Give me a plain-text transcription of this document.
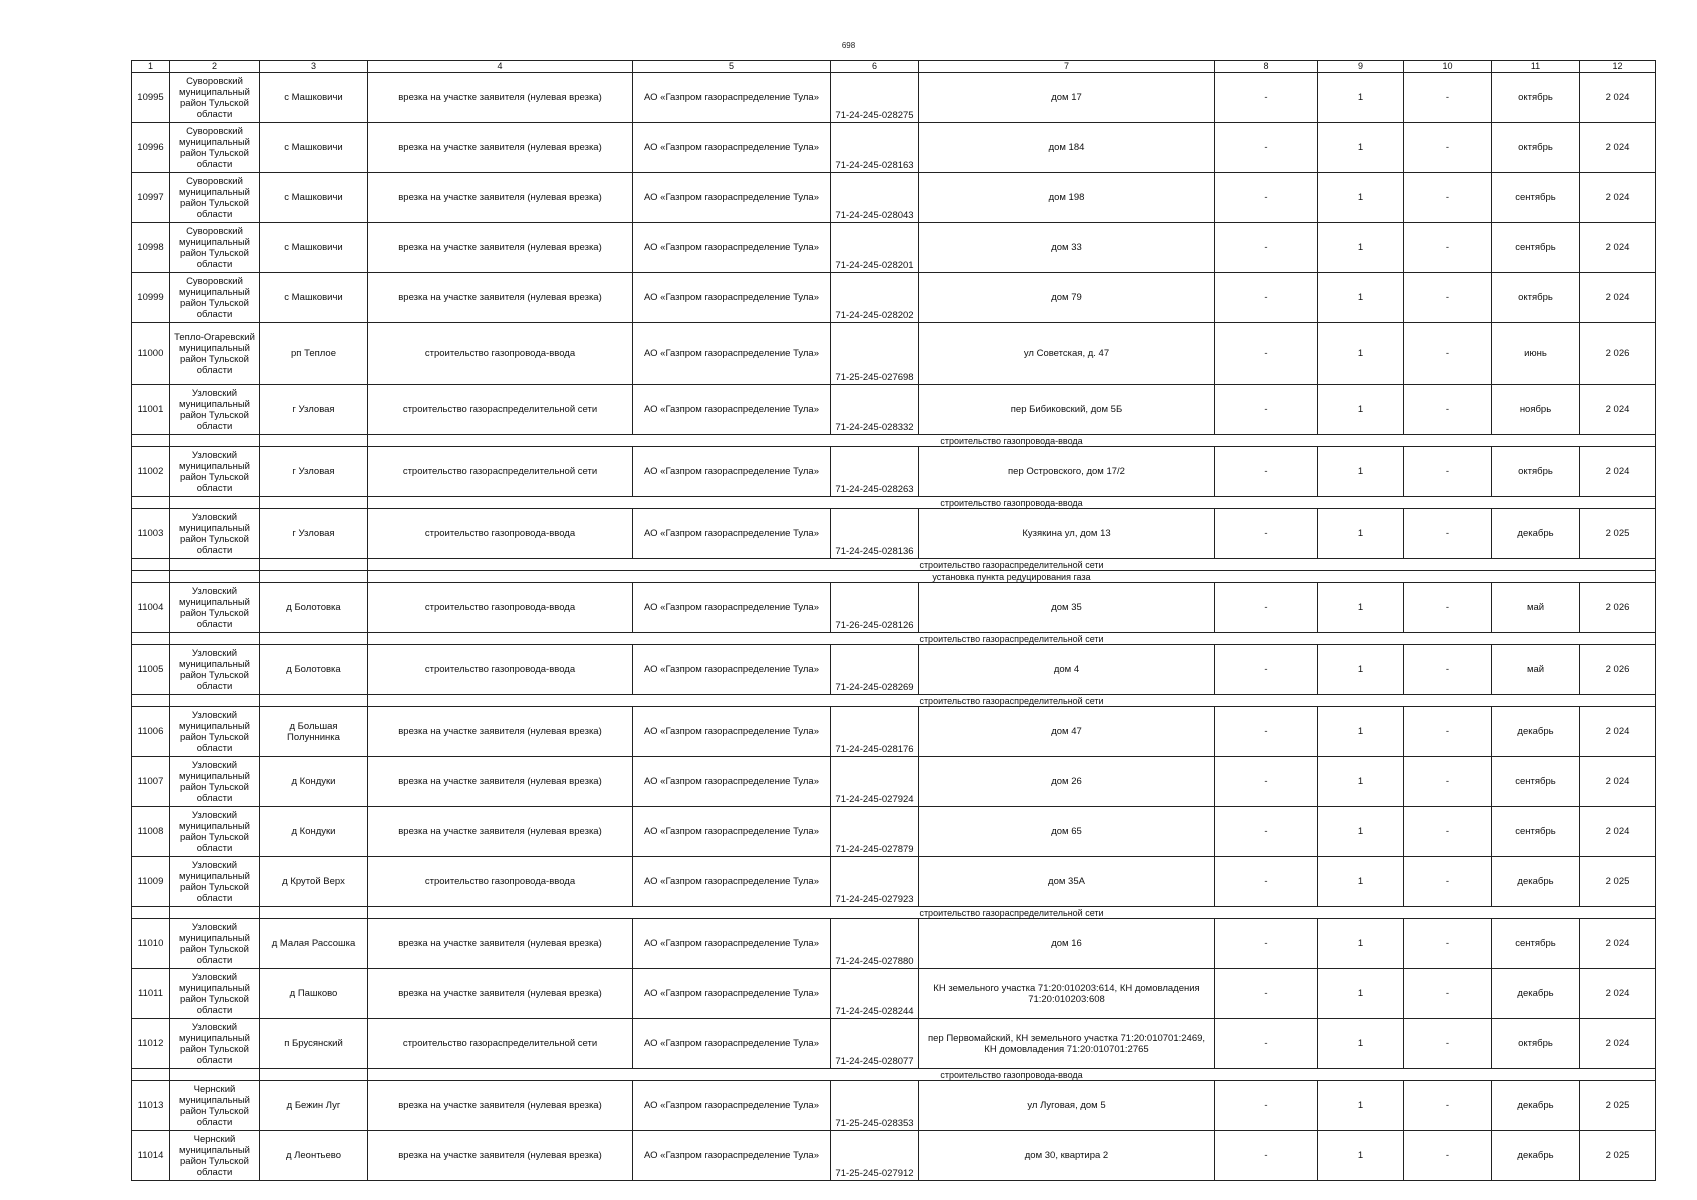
698
1	2	3	4	5	6	7	8	9	10	11	12
10995	Суворовский муниципальный район Тульской области	с Машковичи	врезка на участке заявителя (нулевая врезка)	АО «Газпром газораспределение Тула»	71-24-245-028275	дом 17	-	1	-	октябрь	2 024
10996	Суворовский муниципальный район Тульской области	с Машковичи	врезка на участке заявителя (нулевая врезка)	АО «Газпром газораспределение Тула»	71-24-245-028163	дом 184	-	1	-	октябрь	2 024
10997	Суворовский муниципальный район Тульской области	с Машковичи	врезка на участке заявителя (нулевая врезка)	АО «Газпром газораспределение Тула»	71-24-245-028043	дом 198	-	1	-	сентябрь	2 024
10998	Суворовский муниципальный район Тульской области	с Машковичи	врезка на участке заявителя (нулевая врезка)	АО «Газпром газораспределение Тула»	71-24-245-028201	дом 33	-	1	-	сентябрь	2 024
10999	Суворовский муниципальный район Тульской области	с Машковичи	врезка на участке заявителя (нулевая врезка)	АО «Газпром газораспределение Тула»	71-24-245-028202	дом 79	-	1	-	октябрь	2 024
11000	Тепло-Огаревский муниципальный район Тульской области	рп Теплое	строительство газопровода-ввода	АО «Газпром газораспределение Тула»	71-25-245-027698	ул Советская, д. 47	-	1	-	июнь	2 026
11001	Узловский муниципальный район Тульской области	г Узловая	строительство газораспределительной сети	АО «Газпром газораспределение Тула»	71-24-245-028332	пер Бибиковский, дом 5Б	-	1	-	ноябрь	2 024
			строительство газопровода-ввода								
11002	Узловский муниципальный район Тульской области	г Узловая	строительство газораспределительной сети	АО «Газпром газораспределение Тула»	71-24-245-028263	пер Островского, дом 17/2	-	1	-	октябрь	2 024
			строительство газопровода-ввода								
11003	Узловский муниципальный район Тульской области	г Узловая	строительство газопровода-ввода	АО «Газпром газораспределение Тула»	71-24-245-028136	Кузякина ул, дом 13	-	1	-	декабрь	2 025
			строительство газораспределительной сети								
			установка пункта редуцирования газа								
11004	Узловский муниципальный район Тульской области	д Болотовка	строительство газопровода-ввода	АО «Газпром газораспределение Тула»	71-26-245-028126	дом 35	-	1	-	май	2 026
			строительство газораспределительной сети								
11005	Узловский муниципальный район Тульской области	д Болотовка	строительство газопровода-ввода	АО «Газпром газораспределение Тула»	71-24-245-028269	дом 4	-	1	-	май	2 026
			строительство газораспределительной сети								
11006	Узловский муниципальный район Тульской области	д Большая Полуннинка	врезка на участке заявителя (нулевая врезка)	АО «Газпром газораспределение Тула»	71-24-245-028176	дом 47	-	1	-	декабрь	2 024
11007	Узловский муниципальный район Тульской области	д Кондуки	врезка на участке заявителя (нулевая врезка)	АО «Газпром газораспределение Тула»	71-24-245-027924	дом 26	-	1	-	сентябрь	2 024
11008	Узловский муниципальный район Тульской области	д Кондуки	врезка на участке заявителя (нулевая врезка)	АО «Газпром газораспределение Тула»	71-24-245-027879	дом 65	-	1	-	сентябрь	2 024
11009	Узловский муниципальный район Тульской области	д Крутой Верх	строительство газопровода-ввода	АО «Газпром газораспределение Тула»	71-24-245-027923	дом 35А	-	1	-	декабрь	2 025
			строительство газораспределительной сети								
11010	Узловский муниципальный район Тульской области	д Малая Рассошка	врезка на участке заявителя (нулевая врезка)	АО «Газпром газораспределение Тула»	71-24-245-027880	дом 16	-	1	-	сентябрь	2 024
11011	Узловский муниципальный район Тульской области	д Пашково	врезка на участке заявителя (нулевая врезка)	АО «Газпром газораспределение Тула»	71-24-245-028244	КН земельного участка 71:20:010203:614, КН домовладения 71:20:010203:608	-	1	-	декабрь	2 024
11012	Узловский муниципальный район Тульской области	п Брусянский	строительство газораспределительной сети	АО «Газпром газораспределение Тула»	71-24-245-028077	пер Первомайский, КН земельного участка 71:20:010701:2469, КН домовладения 71:20:010701:2765	-	1	-	октябрь	2 024
			строительство газопровода-ввода								
11013	Чернский муниципальный район Тульской области	д Бежин Луг	врезка на участке заявителя (нулевая врезка)	АО «Газпром газораспределение Тула»	71-25-245-028353	ул Луговая, дом 5	-	1	-	декабрь	2 025
11014	Чернский муниципальный район Тульской области	д Леонтьево	врезка на участке заявителя (нулевая врезка)	АО «Газпром газораспределение Тула»	71-25-245-027912	дом 30, квартира 2	-	1	-	декабрь	2 025
